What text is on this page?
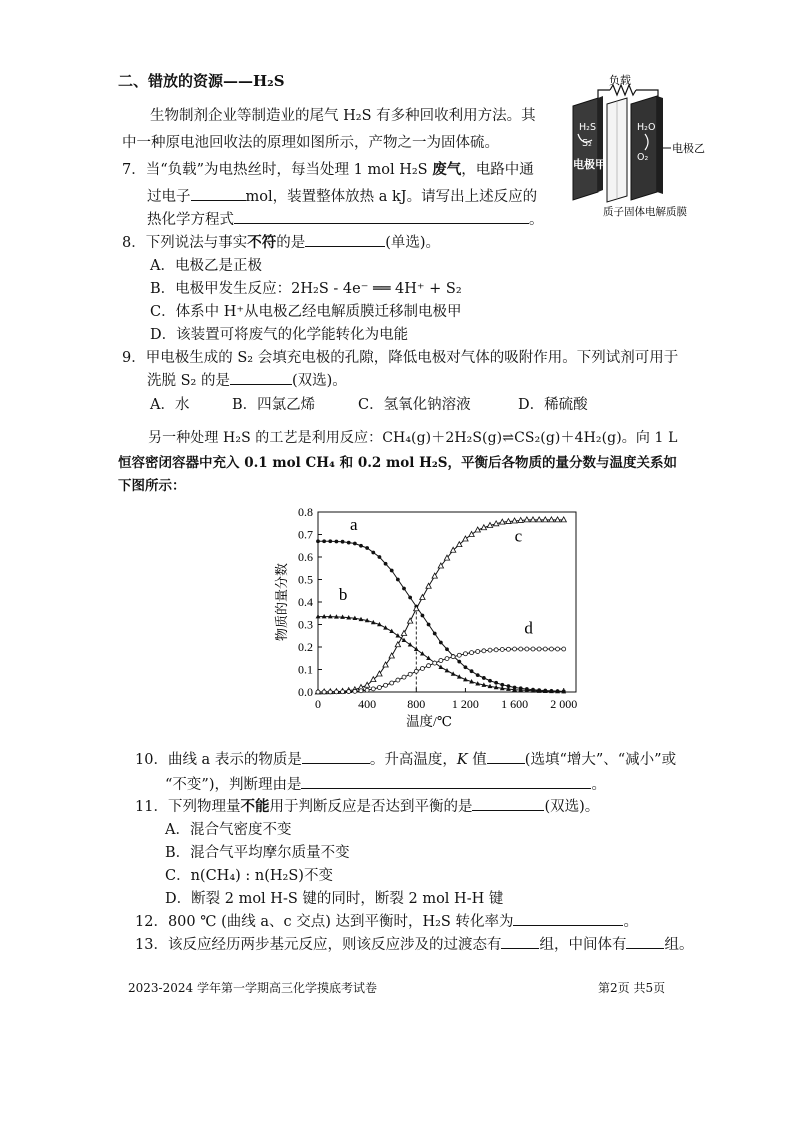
二、错放的资源——H₂S
生物制剂企业等制造业的尾气 H₂S 有多种回收利用方法。其
中一种原电池回收法的原理如图所示，产物之一为固体硫。
负载
H₂S
S₂
电极甲
H₂O
O₂
电极乙
质子固体电解质膜
7．当“负载”为电热丝时，每当处理 1 mol H₂S 废气，电路中通
过电子	mol，装置整体放热 a kJ。请写出上述反应的
热化学方程式	。
8．下列说法与事实不符的是	(单选)。
A．电极乙是正极
B．电极甲发生反应：2H₂S - 4e⁻ ══ 4H⁺ + S₂
C．体系中 H⁺从电极乙经电解质膜迁移制电极甲
D．该装置可将废气的化学能转化为电能
9．甲电极生成的 S₂ 会填充电极的孔隙，降低电极对气体的吸附作用。下列试剂可用于
洗脱 S₂ 的是	(双选)。
A．水	B．四氯乙烯	C．氢氧化钠溶液	D．稀硫酸
另一种处理 H₂S 的工艺是利用反应：CH₄(g)＋2H₂S(g)⇌CS₂(g)＋4H₂(g)。向 1 L
恒容密闭容器中充入 0.1 mol CH₄ 和 0.2 mol H₂S，平衡后各物质的量分数与温度关系如
下图所示：
0	400	800 1 200 1 600 2 000
0.0
0.1
0.2
0.3
0.4
0.5
0.6
0.7
0.8
温度/℃
物质的量分数
a
b
c
d
10．曲线 a 表示的物质是	。升高温度，K 值	(选填“增大”、“减小”或
“不变”)，判断理由是	。
11．下列物理量不能用于判断反应是否达到平衡的是	(双选)。
A．混合气密度不变
B．混合气平均摩尔质量不变
C．n(CH₄) : n(H₂S)不变
D．断裂 2 mol H-S 键的同时，断裂 2 mol H-H 键
12．800 ℃ (曲线 a、c 交点) 达到平衡时，H₂S 转化率为	。
13．该反应经历两步基元反应，则该反应涉及的过渡态有	组，中间体有	组。
2023-2024 学年第一学期高三化学摸底考试卷	第2页 共5页
